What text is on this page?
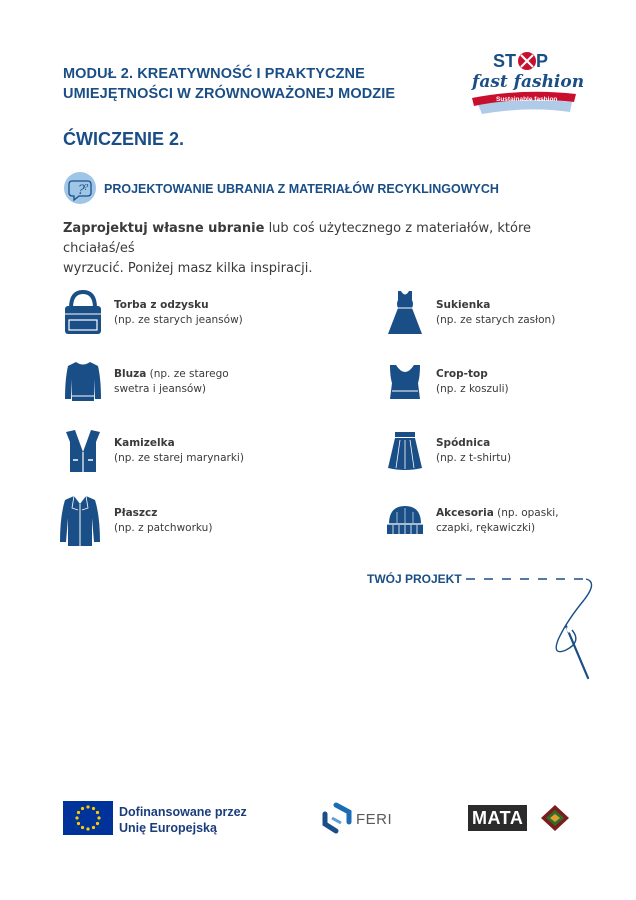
MODUŁ 2. KREATYWNOŚĆ I PRAKTYCZNE
UMIEJĘTNOŚCI W ZRÓWNOWAŻONEJ MODZIE
ST P
fast fashion
Sustainable fashion
ĆWICZENIE 2.
? ? PROJEKTOWANIE UBRANIA Z MATERIAŁÓW RECYKLINGOWYCH
Zaprojektuj własne ubranie lub coś użytecznego z materiałów, które chciałaś/eś
wyrzucić. Poniżej masz kilka inspiracji.
Torba z odzysku
(np. ze starych jeansów)
Sukienka
(np. ze starych zasłon)
Bluza (np. ze starego
swetra i jeansów)
Crop-top
(np. z koszuli)
Kamizelka
(np. ze starej marynarki)
Spódnica
(np. z t-shirtu)
Płaszcz
(np. z patchworku)
Akcesoria (np. opaski,
czapki, rękawiczki)
TWÓJ PROJEKT
Dofinansowane przez
Unię Europejską	FERI	MATA
